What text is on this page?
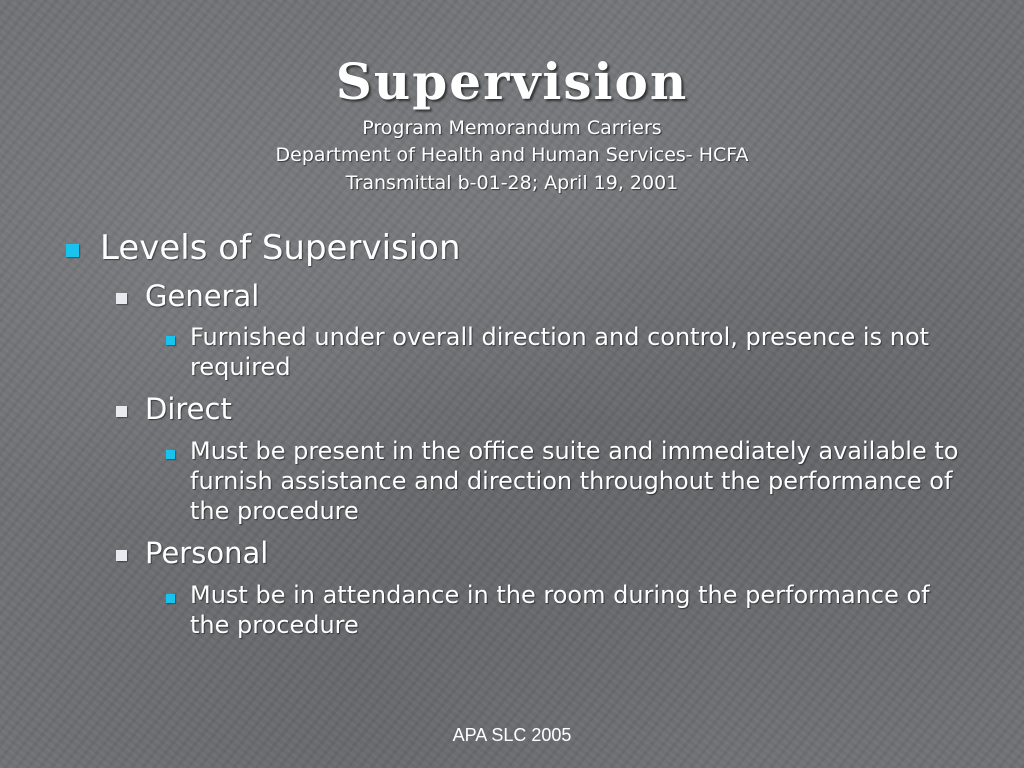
Supervision
Program Memorandum Carriers
Department of Health and Human Services- HCFA
Transmittal b-01-28; April 19, 2001
Levels of Supervision
General
Furnished under overall direction and control, presence is not required
Direct
Must be present in the office suite and immediately available to furnish assistance and direction throughout the performance of the procedure
Personal
Must be in attendance in the room during the performance of the procedure
APA SLC 2005
